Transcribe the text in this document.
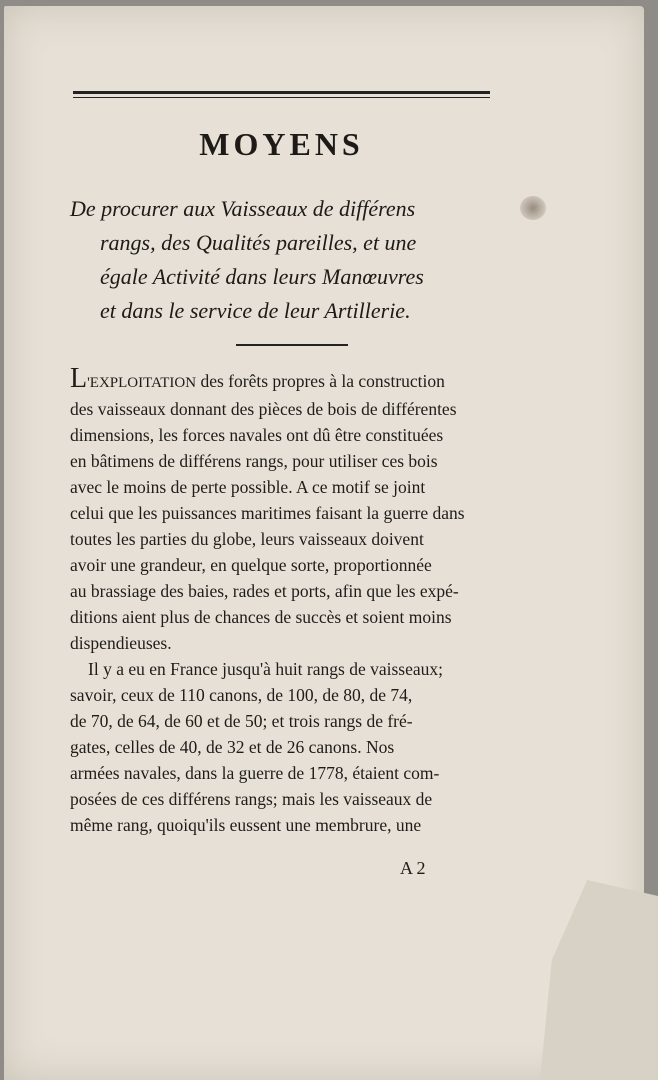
MOYENS

De procurer aux Vaisseaux de différens
rangs, des Qualités pareilles, et une
égale Activité dans leurs Manœuvres
et dans le service de leur Artillerie.

L'EXPLOITATION des forêts propres à la construction
des vaisseaux donnant des pièces de bois de différentes
dimensions, les forces navales ont dû être constituées
en bâtimens de différens rangs, pour utiliser ces bois
avec le moins de perte possible. A ce motif se joint
celui que les puissances maritimes faisant la guerre dans
toutes les parties du globe, leurs vaisseaux doivent
avoir une grandeur, en quelque sorte, proportionnée
au brassiage des baies, rades et ports, afin que les expé-
ditions aient plus de chances de succès et soient moins
dispendieuses.
Il y a eu en France jusqu'à huit rangs de vaisseaux;
savoir, ceux de 110 canons, de 100, de 80, de 74,
de 70, de 64, de 60 et de 50; et trois rangs de fré-
gates, celles de 40, de 32 et de 26 canons. Nos
armées navales, dans la guerre de 1778, étaient com-
posées de ces différens rangs; mais les vaisseaux de
même rang, quoiqu'ils eussent une membrure, une
A 2
